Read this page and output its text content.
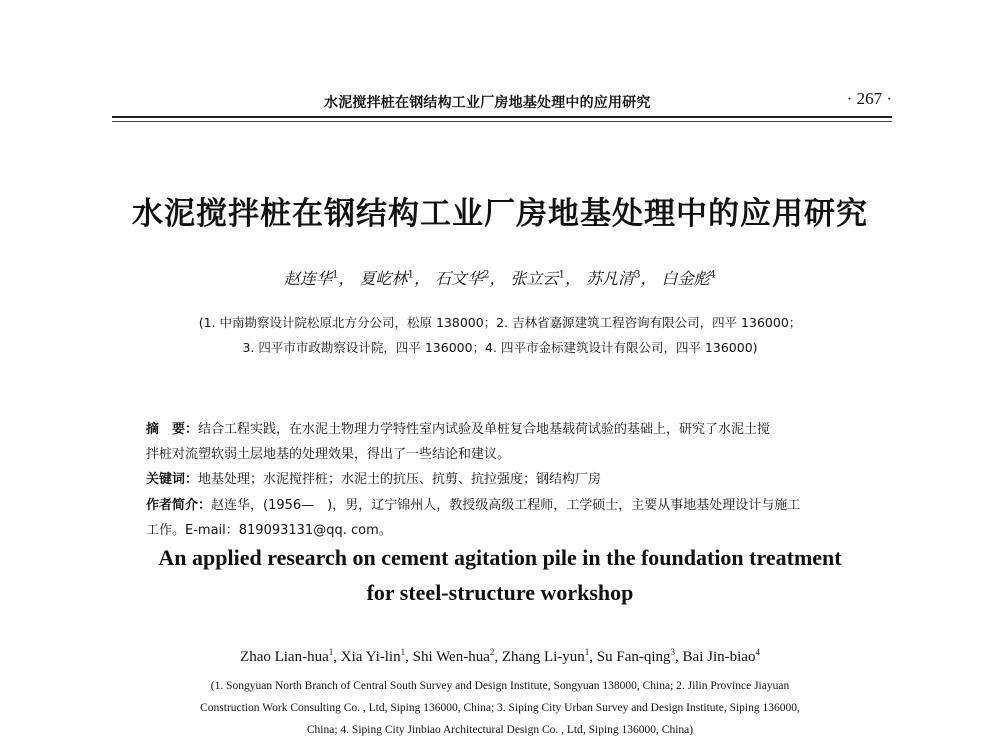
水泥搅拌桩在钢结构工业厂房地基处理中的应用研究	· 267 ·
水泥搅拌桩在钢结构工业厂房地基处理中的应用研究
赵连华$^1$， 夏屹林$^1$， 石文华$^2$， 张立云$^1$， 苏凡清$^3$， 白金彪$^4$
(1. 中南勘察设计院松原北方分公司，松原 138000；2. 吉林省嘉源建筑工程咨询有限公司，四平 136000；
3. 四平市市政勘察设计院，四平 136000；4. 四平市金标建筑设计有限公司，四平 136000)
摘　要：结合工程实践，在水泥土物理力学特性室内试验及单桩复合地基载荷试验的基础上，研究了水泥土搅
拌桩对流塑软弱土层地基的处理效果，得出了一些结论和建议。
关键词：地基处理；水泥搅拌桩；水泥土的抗压、抗剪、抗拉强度；钢结构厂房
作者简介：赵连华，(1956—　)，男，辽宁锦州人，教授级高级工程师，工学硕士，主要从事地基处理设计与施工
工作。E-mail：819093131@qq. com。
An applied research on cement agitation pile in the foundation treatment
for steel-structure workshop
Zhao Lian-hua$^1$, Xia Yi-lin$^1$, Shi Wen-hua$^2$, Zhang Li-yun$^1$, Su Fan-qing$^3$, Bai Jin-biao$^4$
(1. Songyuan North Branch of Central South Survey and Design Institute, Songyuan 138000, China; 2. Jilin Province Jiayuan
Construction Work Consulting Co. , Ltd, Siping 136000, China; 3. Siping City Urban Survey and Design Institute, Siping 136000,
China; 4. Siping City Jinbiao Architectural Design Co. , Ltd, Siping 136000, China)
